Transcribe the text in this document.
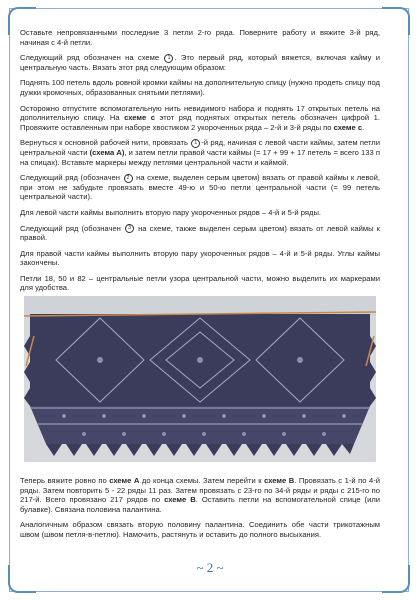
Оставьте непровязанными последние 3 петли 2-го ряда. Поверните работу и вяжите 3-й ряд, начиная с 4-й петли.

Следующий ряд обозначен на схеме 1 . Это первый ряд, который вяжется, включая кайму и центральную часть. Вязать этот ряд следующим образом:

Поднять 100 петель вдоль ровной кромки каймы на дополнительную спицу (нужно продеть спицу под дужки кромочных, образованных снятыми петлями).

Осторожно отпустите вспомогательную нить невидимого набора и поднять 17 открытых петель на дополнительную спицу. На схеме с этот ряд поднятых открытых петель обозначен цифрой 1. Провяжите оставленным при наборе хвостиком 2 укороченных ряда – 2-й и 3-й ряды по схеме с.

Вернуться к основной рабочей нити, провязать 1 -й ряд, начиная с левой части каймы, затем петли центральной части (схема А), и затем петли правой части каймы (= 17 + 99 + 17 петель = всего 133 п на спицах). Вставьте маркеры между петлями центральной части и каймой.

Следующий ряд (обозначен 2 на схеме, выделен серым цветом) вязать от правой каймы к левой, при этом не забудьте провязать вместе 49-ю и 50-ю петли центральной части (= 99 петель центральной части).

Для левой части каймы выполнить вторую пару укороченных рядов – 4-й и 5-й ряды.

Следующий ряд (обозначен 3 на схеме, также выделен серым цветом) вязать от левой каймы к правой.

Для правой части каймы выполнить вторую пару укороченных рядов – 4-й и 5-й ряды. Углы каймы закончены.

Петли 18, 50 и 82 – центральные петли узора центральной части, можно выделить их маркерами для удобства.

Теперь вяжите ровно по схеме А до конца схемы. Затем перейти к схеме В. Провязать с 1-й по 4-й ряды. Затем повторить 5 - 22 ряды 11 раз. Затем провязать с 23-го по 34-й ряды и ряды с 215-го по 217-й. Всего провязано 217 рядов по схеме В. Оставить петли на вспомогательной спице (или булавке). Связана половина палантина.

Аналогичным образом связать вторую половину палантина. Соединить обе части трикотажным швом (швом петля-в-петлю). Намочить, растянуть и оставить до полного высыхания.

~ 2 ~
